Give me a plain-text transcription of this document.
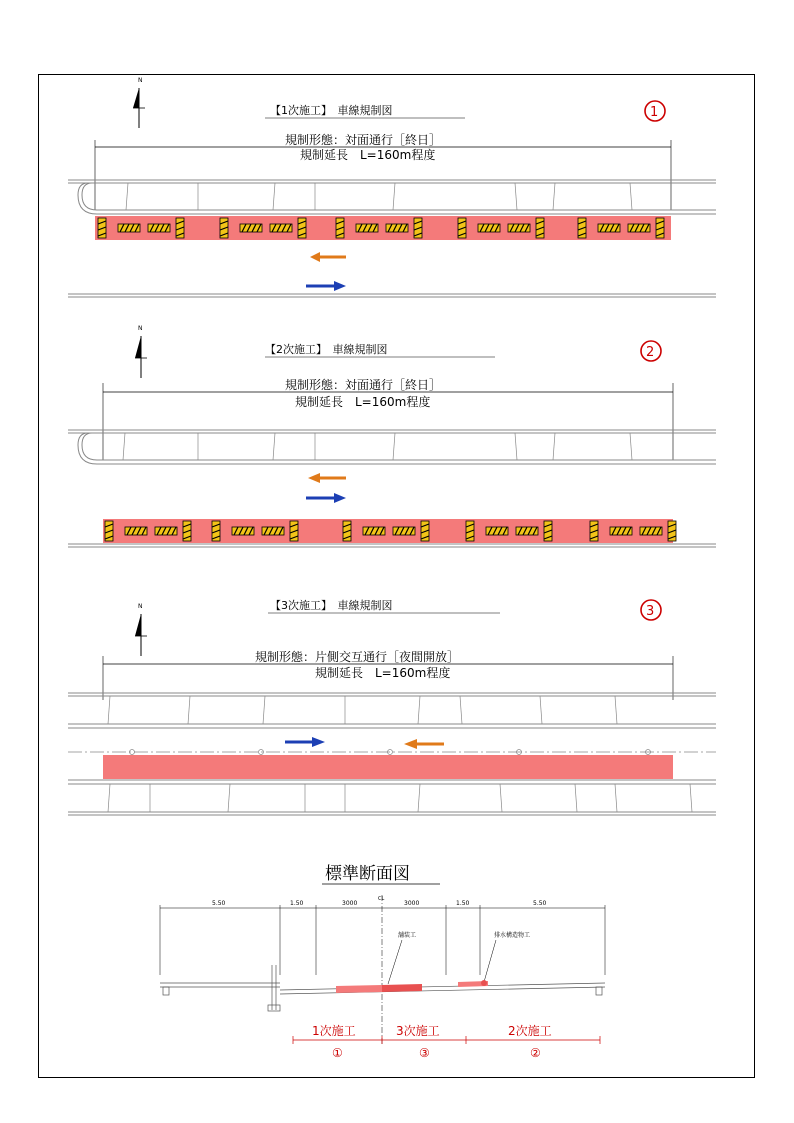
N
【1次施工】　車線規制図	1
規制形態：対面通行［終日］
規制延長　L=160m程度
N
【2次施工】　車線規制図	2
規制形態：対面通行［終日］
規制延長　L=160m程度
N	【3次施工】　車線規制図	3
規制形態：片側交互通行［夜間開放］
規制延長　L=160m程度
標準断面図
5.50	1.50	3000
CL
3000	1.50	5.50
舗装工	排水構造物工
1次施工
①
3次施工
③
2次施工
②
